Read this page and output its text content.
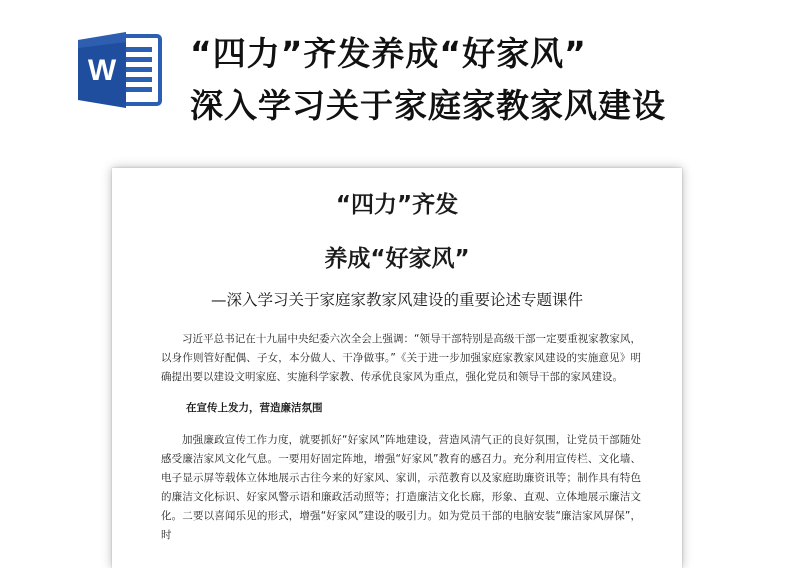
W “四力”齐发养成“好家风”
深入学习关于家庭家教家风建设
“四力”齐发
养成“好家风”
—深入学习关于家庭家教家风建设的重要论述专题课件
习近平总书记在十九届中央纪委六次全会上强调：“领导干部特别是高级干部一定要重视家教家风，以身作则管好配偶、子女，本分做人、干净做事。”《关于进一步加强家庭家教家风建设的实施意见》明确提出要以建设文明家庭、实施科学家教、传承优良家风为重点，强化党员和领导干部的家风建设。
在宣传上发力，营造廉洁氛围
加强廉政宣传工作力度，就要抓好“好家风”阵地建设，营造风清气正的良好氛围，让党员干部随处感受廉洁家风文化气息。一要用好固定阵地，增强“好家风”教育的感召力。充分利用宣传栏、文化墙、电子显示屏等载体立体地展示古往今来的好家风、家训，示范教育以及家庭助廉资讯等；制作具有特色的廉洁文化标识、好家风警示语和廉政活动照等；打造廉洁文化长廊，形象、直观、立体地展示廉洁文化。二要以喜闻乐见的形式，增强“好家风”建设的吸引力。如为党员干部的电脑安装“廉洁家风屏保”，时
